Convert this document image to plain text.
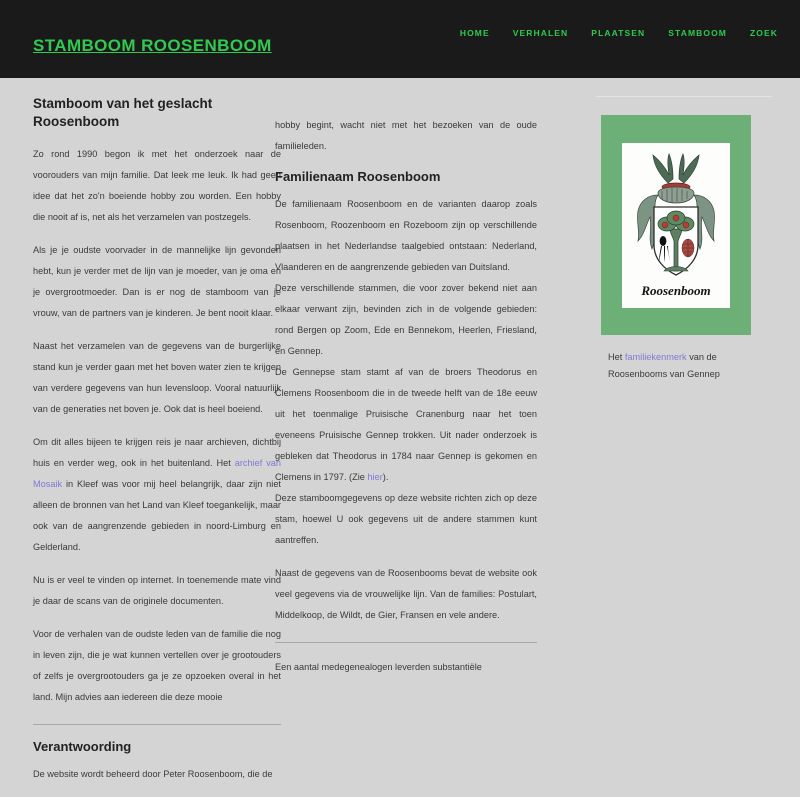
STAMBOOM ROOSENBOOM
HOME	VERHALEN	PLAATSEN	STAMBOOM	ZOEK
Stamboom van het geslacht Roosenboom

Zo rond 1990 begon ik met het onderzoek naar de voorouders van mijn familie. Dat leek me leuk. Ik had geen idee dat het zo'n boeiende hobby zou worden. Een hobby die nooit af is, net als het verzamelen van postzegels.

Als je je oudste voorvader in de mannelijke lijn gevonden hebt, kun je verder met de lijn van je moeder, van je oma en je overgrootmoeder. Dan is er nog de stamboom van je vrouw, van de partners van je kinderen. Je bent nooit klaar.

Naast het verzamelen van de gegevens van de burgerlijke stand kun je verder gaan met het boven water zien te krijgen van verdere gegevens van hun levensloop. Vooral natuurlijk van de generaties net boven je. Ook dat is heel boeiend.

Om dit alles bijeen te krijgen reis je naar archieven, dichtbij huis en verder weg, ook in het buitenland. Het archief van Mosaik in Kleef was voor mij heel belangrijk, daar zijn niet alleen de bronnen van het Land van Kleef toegankelijk, maar ook van de aangrenzende gebieden in noord-Limburg en Gelderland.

Nu is er veel te vinden op internet. In toenemende mate vind je daar de scans van de originele documenten.

Voor de verhalen van de oudste leden van de familie die nog in leven zijn, die je wat kunnen vertellen over je grootouders of zelfs je overgrootouders ga je ze opzoeken overal in het land. Mijn advies aan iedereen die deze mooie

Verantwoording

De website wordt beheerd door Peter Roosenboom, die de

hobby begint, wacht niet met het bezoeken van de oude familieleden.

Familienaam Roosenboom

De familienaam Roosenboom en de varianten daarop zoals Rosenboom, Roozenboom en Rozeboom zijn op verschillende plaatsen in het Nederlandse taalgebied ontstaan: Nederland, Vlaanderen en de aangrenzende gebieden van Duitsland.

Deze verschillende stammen, die voor zover bekend niet aan elkaar verwant zijn, bevinden zich in de volgende gebieden: rond Bergen op Zoom, Ede en Bennekom, Heerlen, Friesland, en Gennep.

De Gennepse stam stamt af van de broers Theodorus en Clemens Roosenboom die in de tweede helft van de 18e eeuw uit het toenmalige Pruisische Cranenburg naar het toen eveneens Pruisische Gennep trokken. Uit nader onderzoek is gebleken dat Theodorus in 1784 naar Gennep is gekomen en Clemens in 1797. (Zie hier).

Deze stamboomgegevens op deze website richten zich op deze stam, hoewel U ook gegevens uit de andere stammen kunt aantreffen.

Naast de gegevens van de Roosenbooms bevat de website ook veel gegevens via de vrouwelijke lijn. Van de families: Postulart, Middelkoop, de Wildt, de Gier, Fransen en vele andere.

Een aantal medegenealogen leverden substantiële

Roosenboom
Het familiekenmerk van de Roosenbooms van Gennep
